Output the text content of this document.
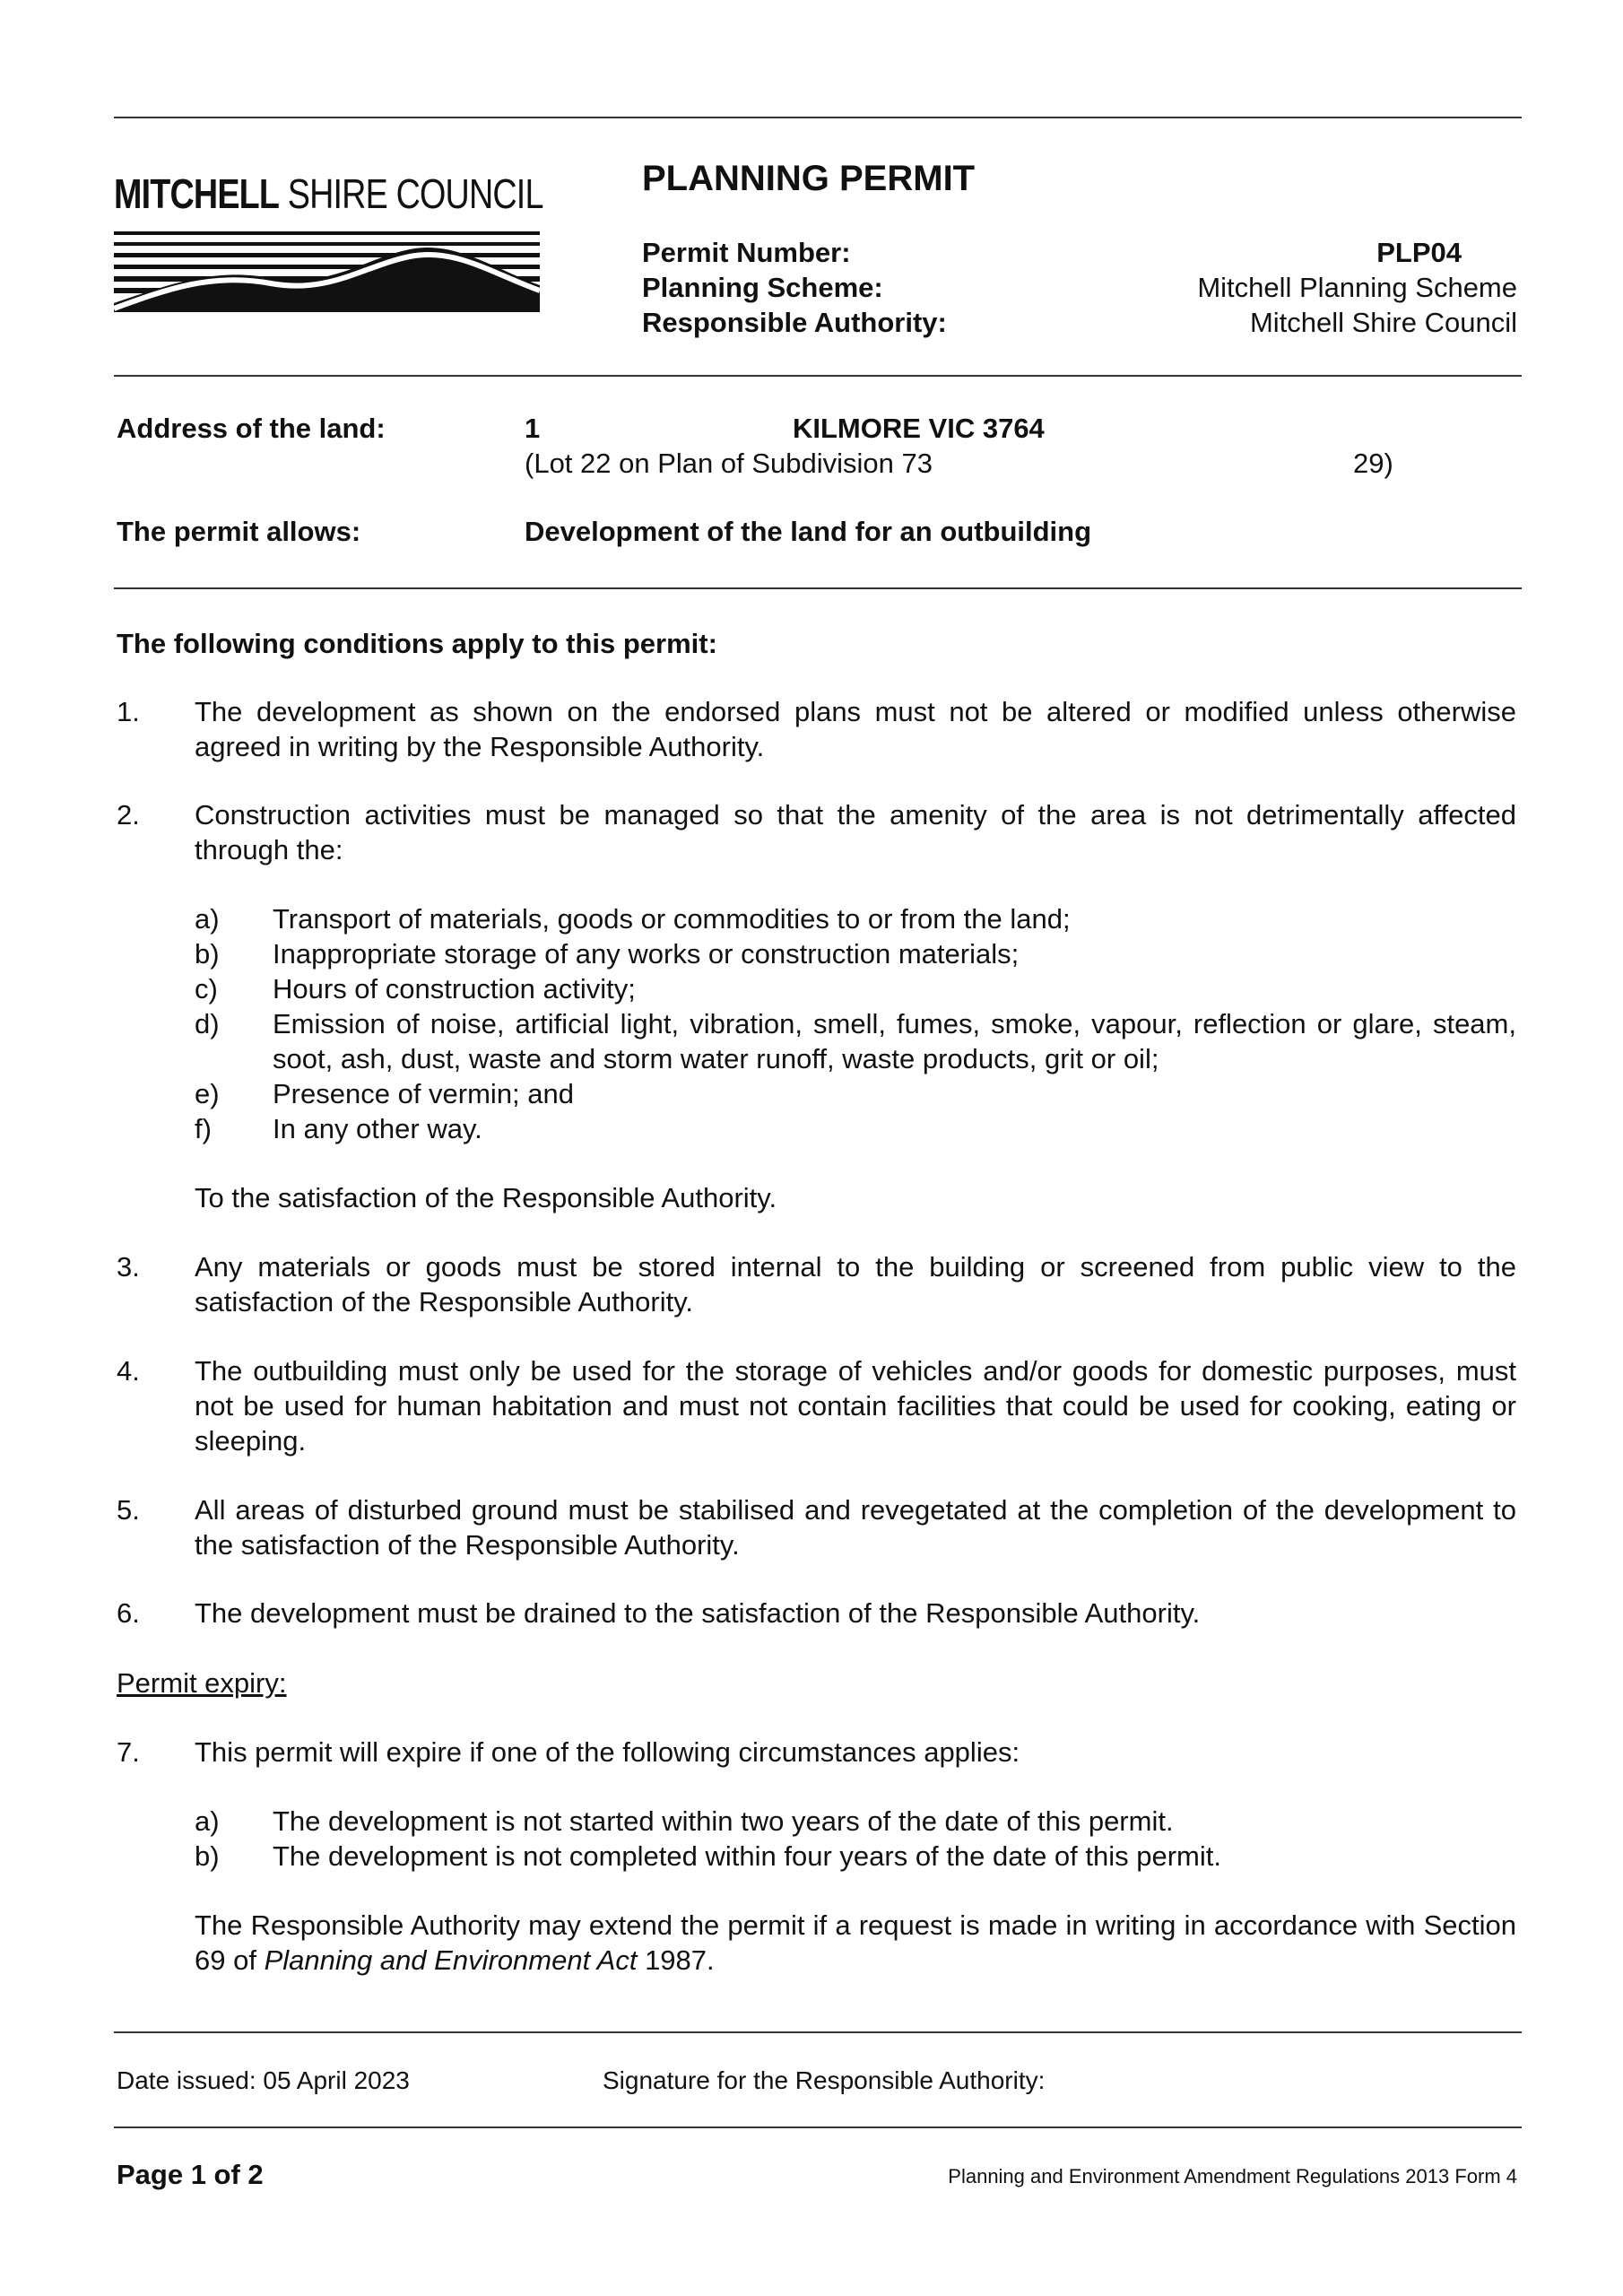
MITCHELL SHIRE COUNCIL	PLANNING PERMIT
Permit Number:	PLP04
Planning Scheme:	Mitchell Planning Scheme
Responsible Authority:	Mitchell Shire Council
Address of the land:	1	KILMORE VIC 3764
(Lot 22 on Plan of Subdivision 73	29)
The permit allows:	Development of the land for an outbuilding
The following conditions apply to this permit:
1. The development as shown on the endorsed plans must not be altered or modified unless otherwise agreed in writing by the Responsible Authority.
2. Construction activities must be managed so that the amenity of the area is not detrimentally affected through the:
a) Transport of materials, goods or commodities to or from the land;
b) Inappropriate storage of any works or construction materials;
c) Hours of construction activity;
d) Emission of noise, artificial light, vibration, smell, fumes, smoke, vapour, reflection or glare, steam, soot, ash, dust, waste and storm water runoff, waste products, grit or oil;
e) Presence of vermin; and
f) In any other way.
To the satisfaction of the Responsible Authority.
3. Any materials or goods must be stored internal to the building or screened from public view to the satisfaction of the Responsible Authority.
4. The outbuilding must only be used for the storage of vehicles and/or goods for domestic purposes, must not be used for human habitation and must not contain facilities that could be used for cooking, eating or sleeping.
5. All areas of disturbed ground must be stabilised and revegetated at the completion of the development to the satisfaction of the Responsible Authority.
6. The development must be drained to the satisfaction of the Responsible Authority.
Permit expiry:
7. This permit will expire if one of the following circumstances applies:
a) The development is not started within two years of the date of this permit.
b) The development is not completed within four years of the date of this permit.
The Responsible Authority may extend the permit if a request is made in writing in accordance with Section 69 of Planning and Environment Act 1987.
Date issued: 05 April 2023	Signature for the Responsible Authority:
Page 1 of 2	Planning and Environment Amendment Regulations 2013 Form 4
